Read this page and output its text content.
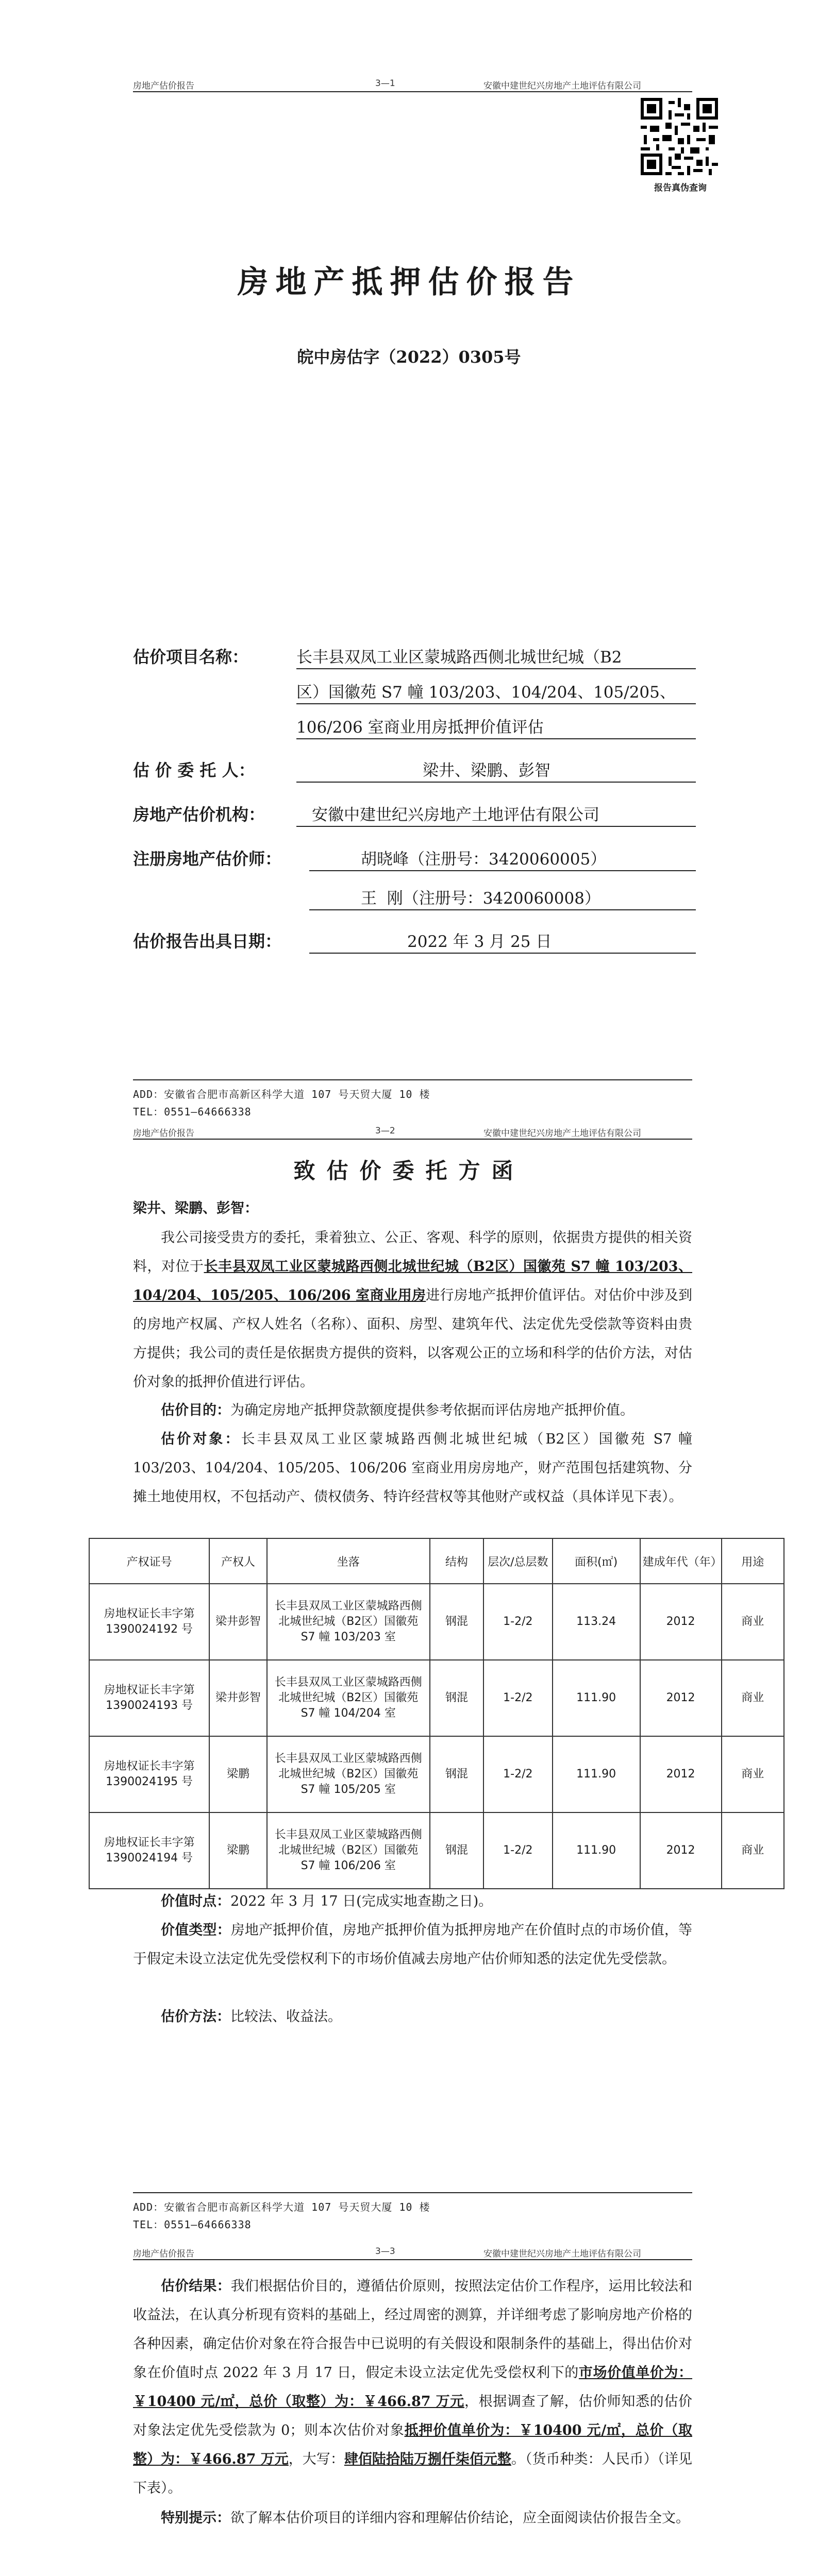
房地产估价报告	3—1	安徽中建世纪兴房地产土地评估有限公司
报告真伪查询
房地产抵押估价报告
皖中房估字（2022）0305号
估价项目名称：	长丰县双凤工业区蒙城路西侧北城世纪城（B2
区）国徽苑 S7 幢 103/203、104/204、105/205、
106/206 室商业用房抵押价值评估
估 价 委 托 人：	梁井、梁鹏、彭智
房地产估价机构：	安徽中建世纪兴房地产土地评估有限公司
注册房地产估价师：	胡晓峰（注册号：3420060005）
王  刚（注册号：3420060008）
估价报告出具日期：	2022 年 3 月 25 日
ADD：安徽省合肥市高新区科学大道 107 号天贸大厦 10 楼
TEL：0551—64666338
房地产估价报告	3—2	安徽中建世纪兴房地产土地评估有限公司
致估价委托方函
梁井、梁鹏、彭智：
我公司接受贵方的委托，秉着独立、公正、客观、科学的原则，依据贵方提供的相关资料，对位于长丰县双凤工业区蒙城路西侧北城世纪城（B2区）国徽苑 S7 幢 103/203、104/204、105/205、106/206 室商业用房进行房地产抵押价值评估。对估价中涉及到的房地产权属、产权人姓名（名称）、面积、房型、建筑年代、法定优先受偿款等资料由贵方提供；我公司的责任是依据贵方提供的资料，以客观公正的立场和科学的估价方法，对估价对象的抵押价值进行评估。
估价目的：为确定房地产抵押贷款额度提供参考依据而评估房地产抵押价值。
估价对象：长丰县双凤工业区蒙城路西侧北城世纪城（B2区）国徽苑 S7 幢 103/203、104/204、105/205、106/206 室商业用房房地产，财产范围包括建筑物、分摊土地使用权，不包括动产、债权债务、特许经营权等其他财产或权益（具体详见下表）。
产权证号	产权人	坐落	结构	层次/总层数	面积(㎡)	建成年代（年）	用途
房地权证长丰字第1390024192 号	梁井彭智	长丰县双凤工业区蒙城路西侧北城世纪城（B2区）国徽苑 S7 幢 103/203 室	钢混	1-2/2	113.24	2012	商业
房地权证长丰字第1390024193 号	梁井彭智	长丰县双凤工业区蒙城路西侧北城世纪城（B2区）国徽苑 S7 幢 104/204 室	钢混	1-2/2	111.90	2012	商业
房地权证长丰字第1390024195 号	梁鹏	长丰县双凤工业区蒙城路西侧北城世纪城（B2区）国徽苑 S7 幢 105/205 室	钢混	1-2/2	111.90	2012	商业
房地权证长丰字第1390024194 号	梁鹏	长丰县双凤工业区蒙城路西侧北城世纪城（B2区）国徽苑 S7 幢 106/206 室	钢混	1-2/2	111.90	2012	商业
价值时点：2022 年 3 月 17 日(完成实地查勘之日)。
价值类型：房地产抵押价值，房地产抵押价值为抵押房地产在价值时点的市场价值，等于假定未设立法定优先受偿权利下的市场价值减去房地产估价师知悉的法定优先受偿款。
估价方法：比较法、收益法。
ADD：安徽省合肥市高新区科学大道 107 号天贸大厦 10 楼
TEL：0551—64666338
房地产估价报告	3—3	安徽中建世纪兴房地产土地评估有限公司
估价结果：我们根据估价目的，遵循估价原则，按照法定估价工作程序，运用比较法和收益法，在认真分析现有资料的基础上，经过周密的测算，并详细考虑了影响房地产价格的各种因素，确定估价对象在符合报告中已说明的有关假设和限制条件的基础上，得出估价对象在价值时点 2022 年 3 月 17 日，假定未设立法定优先受偿权利下的市场价值单价为：￥10400 元/㎡，总价（取整）为：￥466.87 万元，根据调查了解，估价师知悉的估价对象法定优先受偿款为 0；则本次估价对象抵押价值单价为：￥10400 元/㎡，总价（取整）为：￥466.87 万元，大写：肆佰陆拾陆万捌仟柒佰元整。（货币种类：人民币）（详见下表）。
特别提示：欲了解本估价项目的详细内容和理解估价结论，应全面阅读估价报告全文。
